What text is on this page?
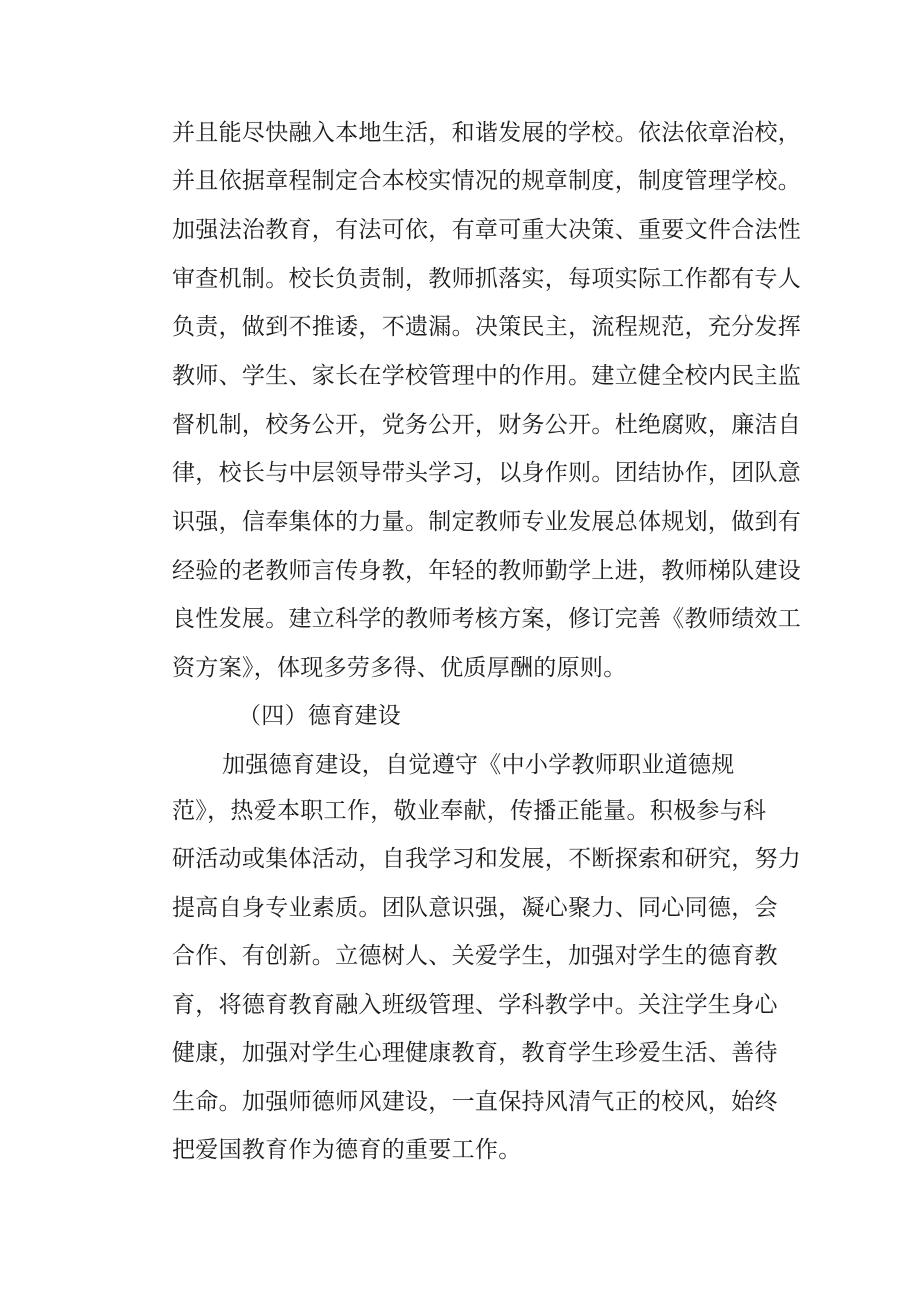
并且能尽快融入本地生活，和谐发展的学校。依法依章治校，
并且依据章程制定合本校实情况的规章制度，制度管理学校。
加强法治教育，有法可依，有章可重大决策、重要文件合法性
审查机制。校长负责制，教师抓落实，每项实际工作都有专人
负责，做到不推诿，不遗漏。决策民主，流程规范，充分发挥
教师、学生、家长在学校管理中的作用。建立健全校内民主监
督机制，校务公开，党务公开，财务公开。杜绝腐败，廉洁自
律，校长与中层领导带头学习，以身作则。团结协作，团队意
识强，信奉集体的力量。制定教师专业发展总体规划，做到有
经验的老教师言传身教，年轻的教师勤学上进，教师梯队建设
良性发展。建立科学的教师考核方案，修订完善《教师绩效工
资方案》，体现多劳多得、优质厚酬的原则。
（四）德育建设
加强德育建设，自觉遵守《中小学教师职业道德规
范》，热爱本职工作，敬业奉献，传播正能量。积极参与科
研活动或集体活动，自我学习和发展，不断探索和研究，努力
提高自身专业素质。团队意识强，凝心聚力、同心同德，会
合作、有创新。立德树人、关爱学生，加强对学生的德育教
育，将德育教育融入班级管理、学科教学中。关注学生身心
健康，加强对学生心理健康教育，教育学生珍爱生活、善待
生命。加强师德师风建设，一直保持风清气正的校风，始终
把爱国教育作为德育的重要工作。
